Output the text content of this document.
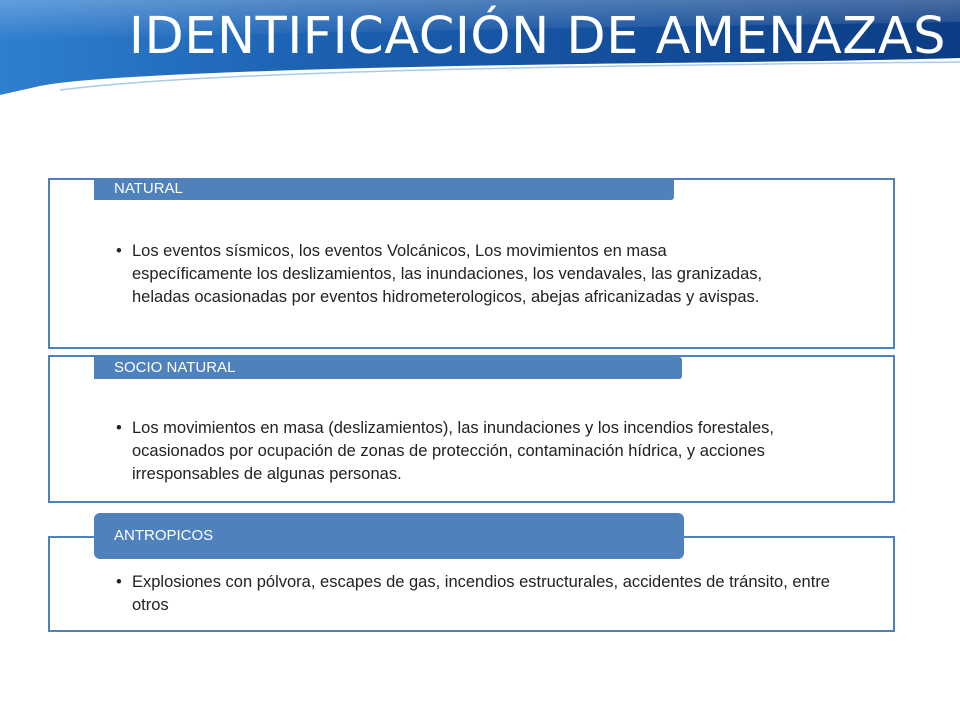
IDENTIFICACIÓN DE AMENAZAS
NATURAL
• Los eventos sísmicos, los eventos Volcánicos, Los movimientos en masa específicamente los deslizamientos, las inundaciones, los vendavales, las granizadas, heladas ocasionadas por eventos hidrometerologicos, abejas africanizadas y avispas.
SOCIO NATURAL
• Los movimientos en masa (deslizamientos), las inundaciones y los incendios forestales, ocasionados por ocupación de zonas de protección, contaminación hídrica, y acciones irresponsables de algunas personas.
ANTROPICOS
• Explosiones con pólvora, escapes de gas, incendios estructurales, accidentes de tránsito, entre otros
